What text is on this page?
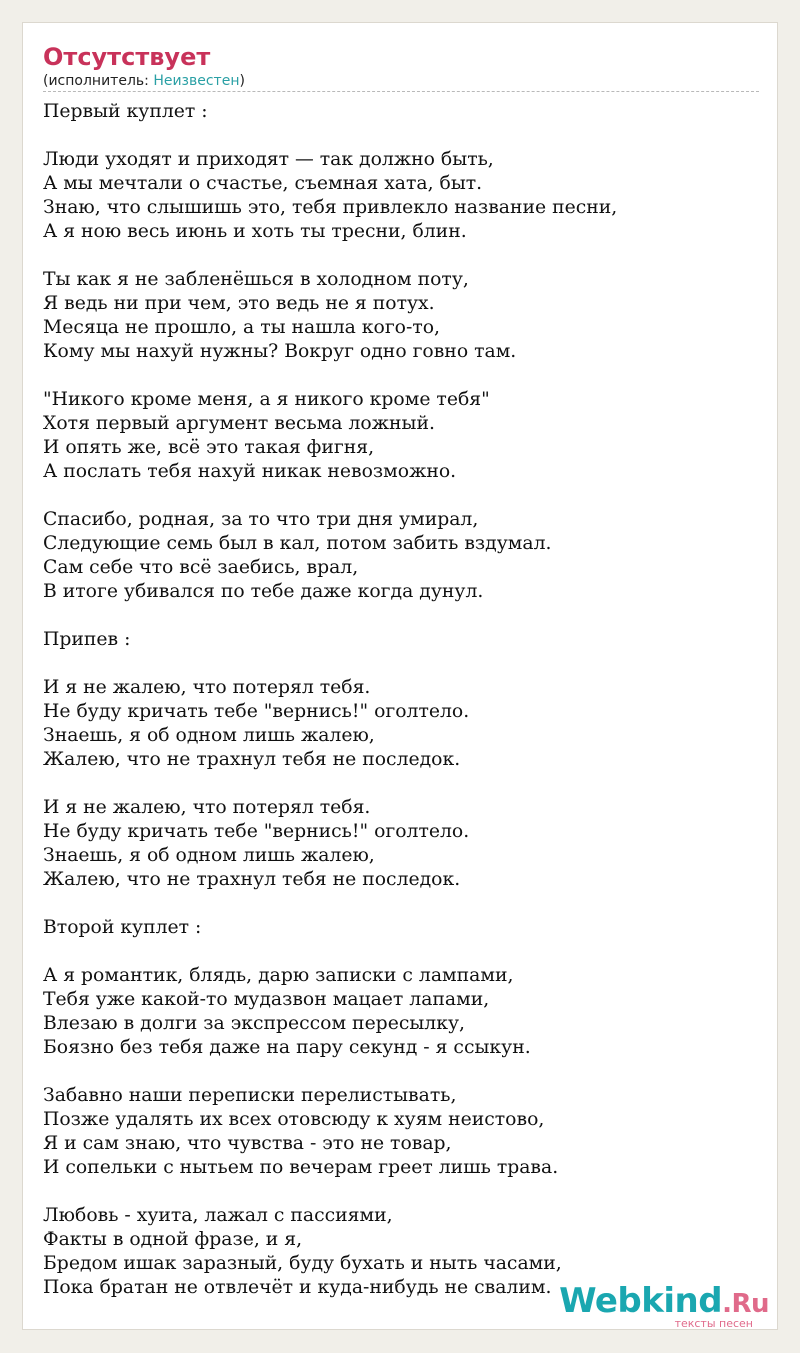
Отсутствует
(исполнитель: Неизвестен)
Первый куплет :
Люди уходят и приходят — так должно быть,
А мы мечтали о счастье, съемная хата, быт.
Знаю, что слышишь это, тебя привлекло название песни,
А я ною весь июнь и хоть ты тресни, блин.
Ты как я не забленёшься в холодном поту,
Я ведь ни при чем, это ведь не я потух.
Месяца не прошло, а ты нашла кого-то,
Кому мы нахуй нужны? Вокруг одно говно там.
"Никого кроме меня, а я никого кроме тебя"
Хотя первый аргумент весьма ложный.
И опять же, всё это такая фигня,
А послать тебя нахуй никак невозможно.
Спасибо, родная, за то что три дня умирал,
Следующие семь был в кал, потом забить вздумал.
Сам себе что всё заебись, врал,
В итоге убивался по тебе даже когда дунул.
Припев :
И я не жалею, что потерял тебя.
Не буду кричать тебе "вернись!" оголтело.
Знаешь, я об одном лишь жалею,
Жалею, что не трахнул тебя не последок.
И я не жалею, что потерял тебя.
Не буду кричать тебе "вернись!" оголтело.
Знаешь, я об одном лишь жалею,
Жалею, что не трахнул тебя не последок.
Второй куплет :
А я романтик, блядь, дарю записки с лампами,
Тебя уже какой-то мудазвон мацает лапами,
Влезаю в долги за экспрессом пересылку,
Боязно без тебя даже на пару секунд - я ссыкун.
Забавно наши переписки перелистывать,
Позже удалять их всех отовсюду к хуям неистово,
Я и сам знаю, что чувства - это не товар,
И сопельки с нытьем по вечерам греет лишь трава.
Любовь - хуита, лажал с пассиями,
Факты в одной фразе, и я,
Бредом ишак заразный, буду бухать и ныть часами,
Пока братан не отвлечёт и куда-нибудь не свалим. Webkind.Ru
тексты песен
